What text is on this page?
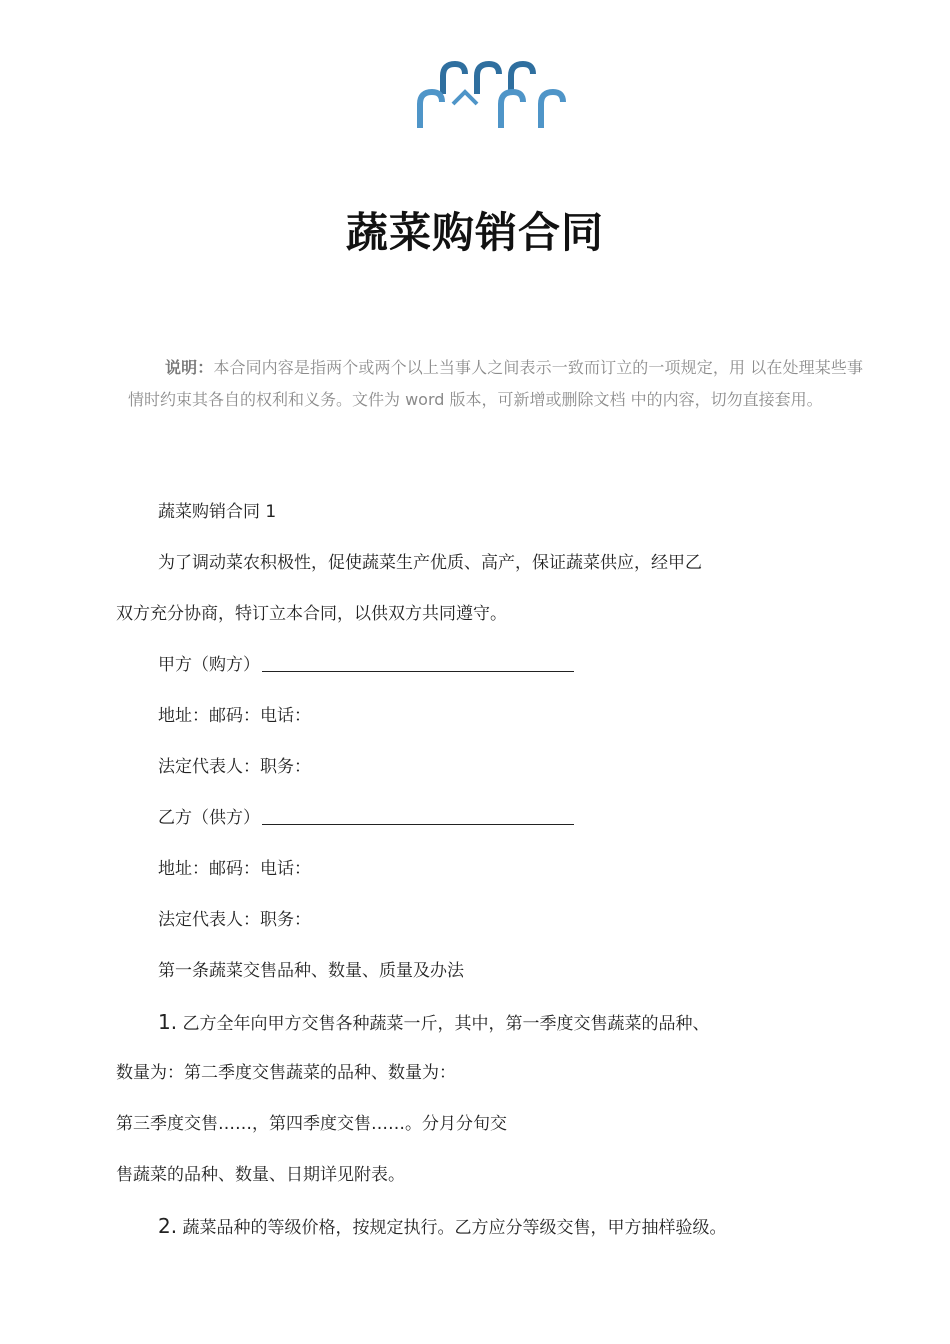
蔬菜购销合同
说明：本合同内容是指两个或两个以上当事人之间表示一致而订立的一项规定，用 以在处理某些事情时约束其各自的权利和义务。文件为 word 版本，可新增或删除文档 中的内容，切勿直接套用。
蔬菜购销合同 1
为了调动菜农积极性，促使蔬菜生产优质、高产，保证蔬菜供应，经甲乙
双方充分协商，特订立本合同，以供双方共同遵守。
甲方（购方）
地址：邮码：电话：
法定代表人：职务：
乙方（供方）
地址：邮码：电话：
法定代表人：职务：
第一条蔬菜交售品种、数量、质量及办法
1. 乙方全年向甲方交售各种蔬菜一斤，其中，第一季度交售蔬菜的品种、
数量为：第二季度交售蔬菜的品种、数量为：
第三季度交售……，第四季度交售……。分月分旬交
售蔬菜的品种、数量、日期详见附表。
2. 蔬菜品种的等级价格，按规定执行。乙方应分等级交售，甲方抽样验级。
